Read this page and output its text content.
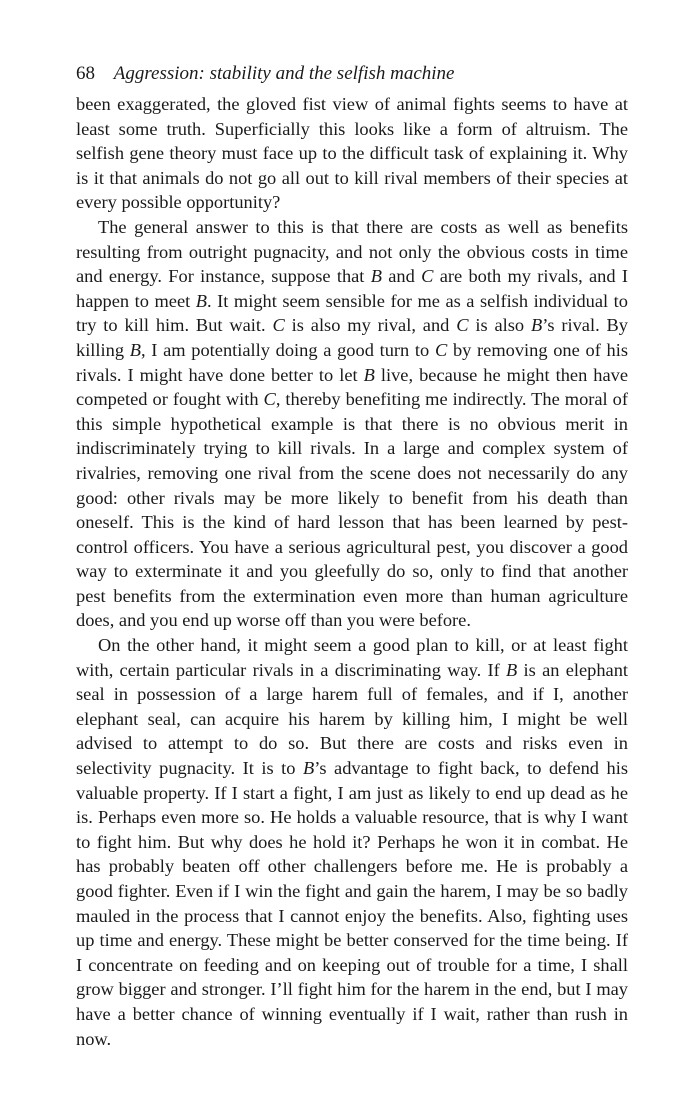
68 Aggression: stability and the selfish machine

been exaggerated, the gloved fist view of animal fights seems to have at least some truth. Superficially this looks like a form of altruism. The selfish gene theory must face up to the difficult task of explaining it. Why is it that animals do not go all out to kill rival members of their species at every possible opportunity?

The general answer to this is that there are costs as well as benefits resulting from outright pugnacity, and not only the obvious costs in time and energy. For instance, suppose that B and C are both my rivals, and I happen to meet B. It might seem sensible for me as a selfish individual to try to kill him. But wait. C is also my rival, and C is also B’s rival. By killing B, I am potentially doing a good turn to C by removing one of his rivals. I might have done better to let B live, because he might then have competed or fought with C, thereby benefiting me indirectly. The moral of this simple hypothetical example is that there is no obvious merit in indiscriminately trying to kill rivals. In a large and complex system of rivalries, removing one rival from the scene does not necessarily do any good: other rivals may be more likely to benefit from his death than oneself. This is the kind of hard lesson that has been learned by pest-control officers. You have a serious agricultural pest, you discover a good way to exterminate it and you gleefully do so, only to find that another pest benefits from the extermination even more than human agriculture does, and you end up worse off than you were before.

On the other hand, it might seem a good plan to kill, or at least fight with, certain particular rivals in a discriminating way. If B is an elephant seal in possession of a large harem full of females, and if I, another elephant seal, can acquire his harem by killing him, I might be well advised to attempt to do so. But there are costs and risks even in selectivity pugnacity. It is to B’s advantage to fight back, to defend his valuable property. If I start a fight, I am just as likely to end up dead as he is. Perhaps even more so. He holds a valuable resource, that is why I want to fight him. But why does he hold it? Perhaps he won it in combat. He has probably beaten off other challengers before me. He is probably a good fighter. Even if I win the fight and gain the harem, I may be so badly mauled in the process that I cannot enjoy the benefits. Also, fighting uses up time and energy. These might be better conserved for the time being. If I concentrate on feeding and on keeping out of trouble for a time, I shall grow bigger and stronger. I’ll fight him for the harem in the end, but I may have a better chance of winning eventually if I wait, rather than rush in now.
